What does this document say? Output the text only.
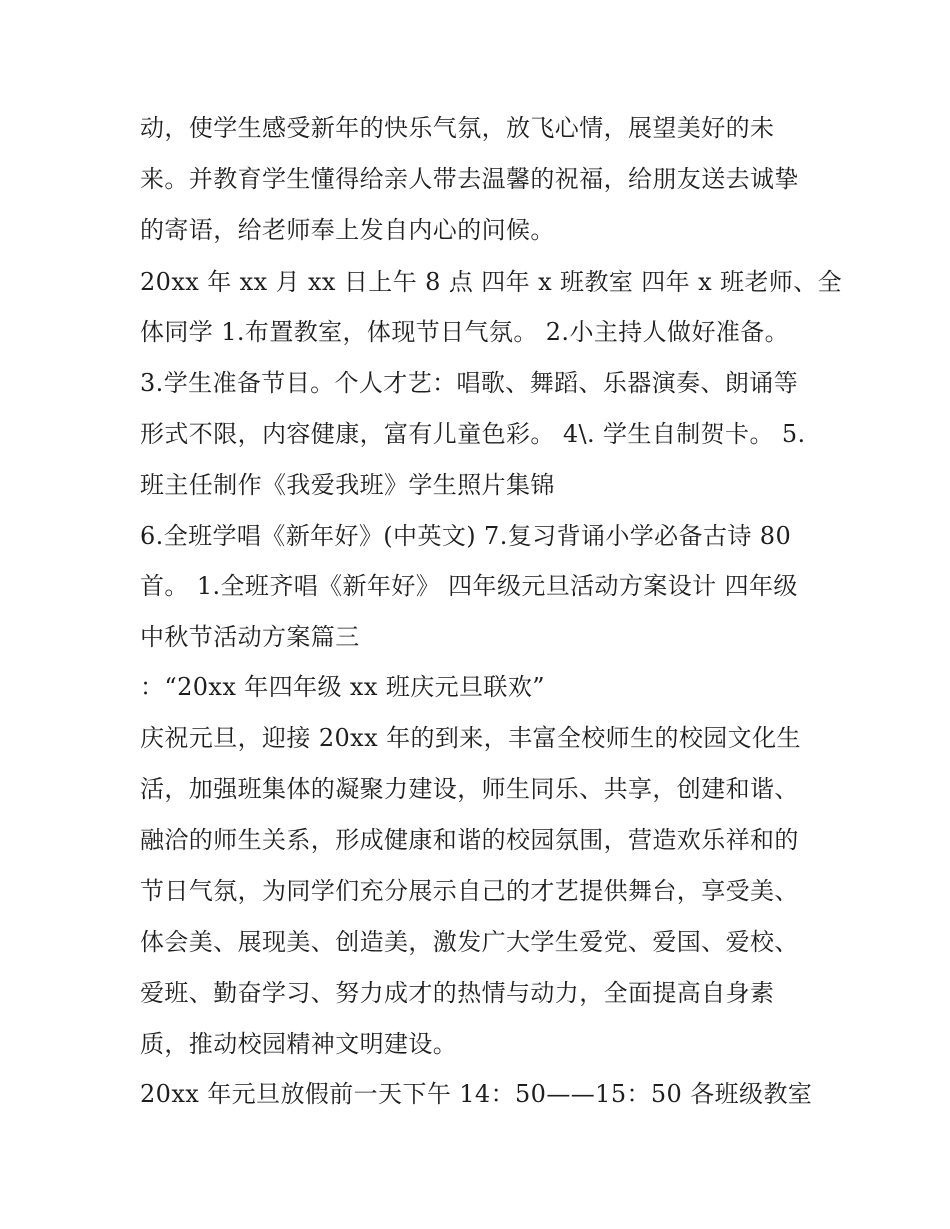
动，使学生感受新年的快乐气氛，放飞心情，展望美好的未
来。并教育学生懂得给亲人带去温馨的祝福，给朋友送去诚挚
的寄语，给老师奉上发自内心的问候。
20xx 年 xx 月 xx 日上午 8 点 四年 x 班教室 四年 x 班老师、全
体同学 1.布置教室，体现节日气氛。 2.小主持人做好准备。
3.学生准备节目。个人才艺：唱歌、舞蹈、乐器演奏、朗诵等
形式不限，内容健康，富有儿童色彩。 4\. 学生自制贺卡。 5.
班主任制作《我爱我班》学生照片集锦
6.全班学唱《新年好》(中英文) 7.复习背诵小学必备古诗 80
首。 1.全班齐唱《新年好》 四年级元旦活动方案设计 四年级
中秋节活动方案篇三
：“20xx 年四年级 xx 班庆元旦联欢”
庆祝元旦，迎接 20xx 年的到来，丰富全校师生的校园文化生
活，加强班集体的凝聚力建设，师生同乐、共享，创建和谐、
融洽的师生关系，形成健康和谐的校园氛围，营造欢乐祥和的
节日气氛，为同学们充分展示自己的才艺提供舞台，享受美、
体会美、展现美、创造美，激发广大学生爱党、爱国、爱校、
爱班、勤奋学习、努力成才的热情与动力，全面提高自身素
质，推动校园精神文明建设。
20xx 年元旦放假前一天下午 14：50——15：50 各班级教室
